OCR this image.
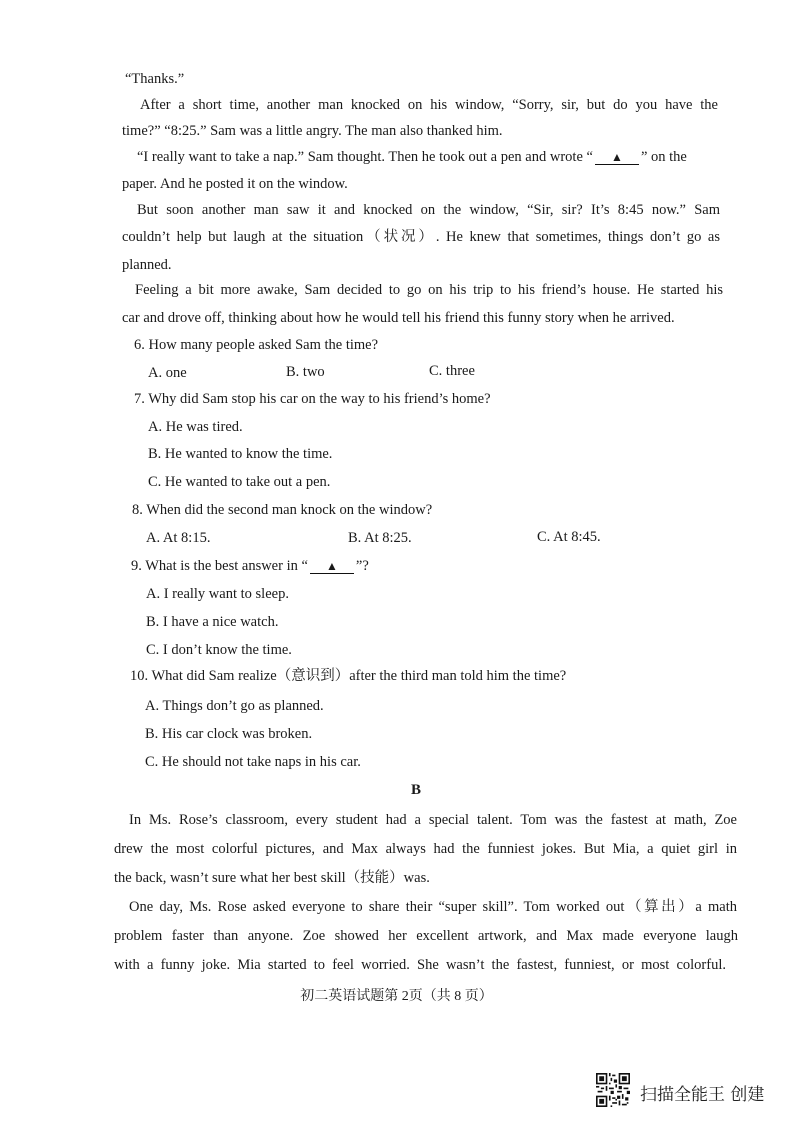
“Thanks.”
After a short time, another man knocked on his window, “Sorry, sir, but do you have the
time?” “8:25.” Sam was a little angry. The man also thanked him.
“I really want to take a nap.” Sam thought. Then he took out a pen and wrote “ ▲ ” on the
paper. And he posted it on the window.
But soon another man saw it and knocked on the window, “Sir, sir? It’s 8:45 now.” Sam
couldn’t help but laugh at the situation（状况）. He knew that sometimes, things don’t go as
planned.
Feeling a bit more awake, Sam decided to go on his trip to his friend’s house. He started his
car and drove off, thinking about how he would tell his friend this funny story when he arrived.
6. How many people asked Sam the time?
A. one	B. two	C. three
7. Why did Sam stop his car on the way to his friend’s home?
A. He was tired.
B. He wanted to know the time.
C. He wanted to take out a pen.
8. When did the second man knock on the window?
A. At 8:15.	B. At 8:25.	C. At 8:45.
9. What is the best answer in “ ▲ ”?
A. I really want to sleep.
B. I have a nice watch.
C. I don’t know the time.
10. What did Sam realize（意识到）after the third man told him the time?
A. Things don’t go as planned.
B. His car clock was broken.
C. He should not take naps in his car.
B
In Ms. Rose’s classroom, every student had a special talent. Tom was the fastest at math, Zoe
drew the most colorful pictures, and Max always had the funniest jokes. But Mia, a quiet girl in
the back, wasn’t sure what her best skill（技能）was.
One day, Ms. Rose asked everyone to share their “super skill”. Tom worked out（算出）a math
problem faster than anyone. Zoe showed her excellent artwork, and Max made everyone laugh
with a funny joke. Mia started to feel worried. She wasn’t the fastest, funniest, or most colorful.
初二英语试题第 2页（共 8 页）
扫描全能王 创建
